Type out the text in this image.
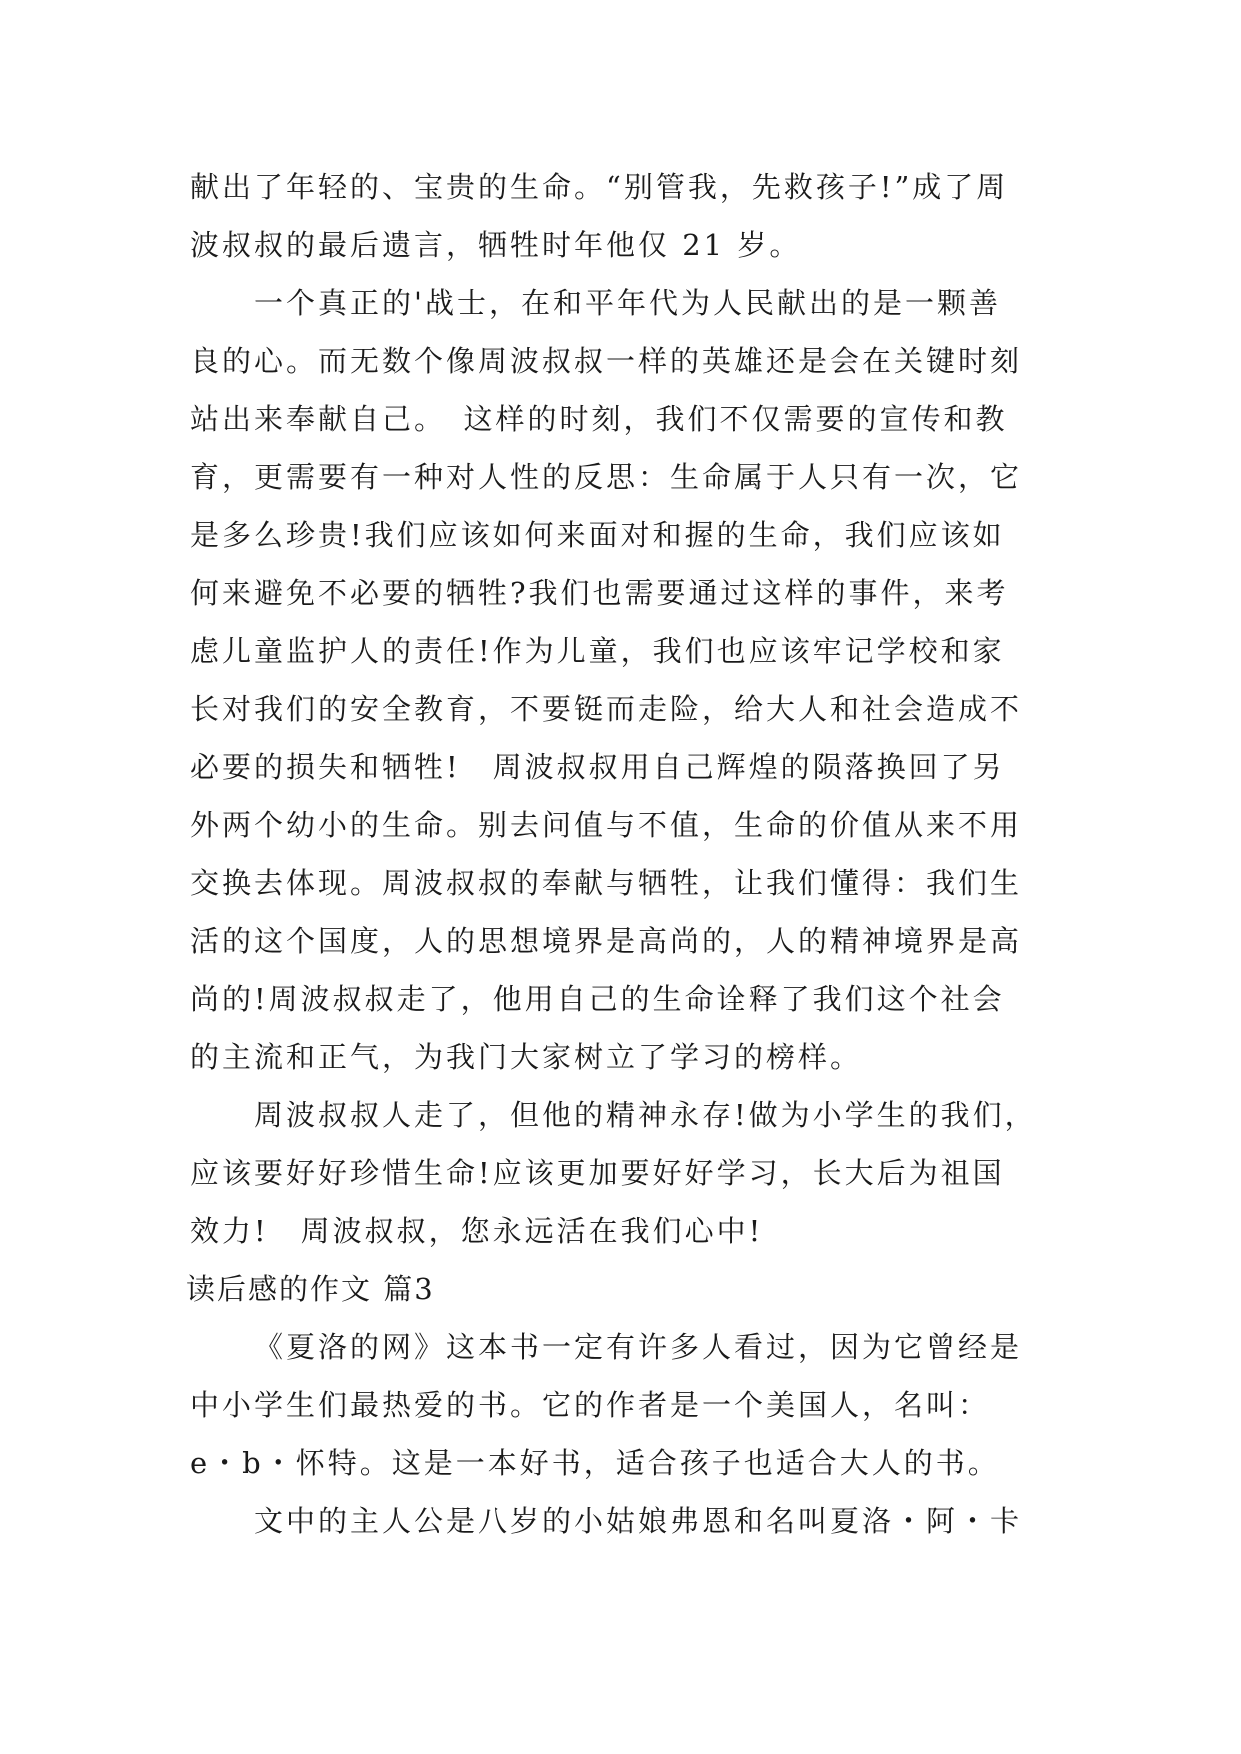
献出了年轻的、宝贵的生命。“别管我，先救孩子!”成了周
波叔叔的最后遗言，牺牲时年他仅 21 岁。
一个真正的'战士，在和平年代为人民献出的是一颗善
良的心。而无数个像周波叔叔一样的英雄还是会在关键时刻
站出来奉献自己。　这样的时刻，我们不仅需要的宣传和教
育，更需要有一种对人性的反思：生命属于人只有一次，它
是多么珍贵!我们应该如何来面对和握的生命，我们应该如
何来避免不必要的牺牲?我们也需要通过这样的事件，来考
虑儿童监护人的责任!作为儿童，我们也应该牢记学校和家
长对我们的安全教育，不要铤而走险，给大人和社会造成不
必要的损失和牺牲!　周波叔叔用自己辉煌的陨落换回了另
外两个幼小的生命。别去问值与不值，生命的价值从来不用
交换去体现。周波叔叔的奉献与牺牲，让我们懂得：我们生
活的这个国度，人的思想境界是高尚的，人的精神境界是高
尚的!周波叔叔走了，他用自己的生命诠释了我们这个社会
的主流和正气，为我门大家树立了学习的榜样。
周波叔叔人走了，但他的精神永存!做为小学生的我们，
应该要好好珍惜生命!应该更加要好好学习，长大后为祖国
效力!　周波叔叔，您永远活在我们心中!
读后感的作文 篇3
《夏洛的网》这本书一定有许多人看过，因为它曾经是
中小学生们最热爱的书。它的作者是一个美国人，名叫：
e・b・怀特。这是一本好书，适合孩子也适合大人的书。
文中的主人公是八岁的小姑娘弗恩和名叫夏洛・阿・卡
